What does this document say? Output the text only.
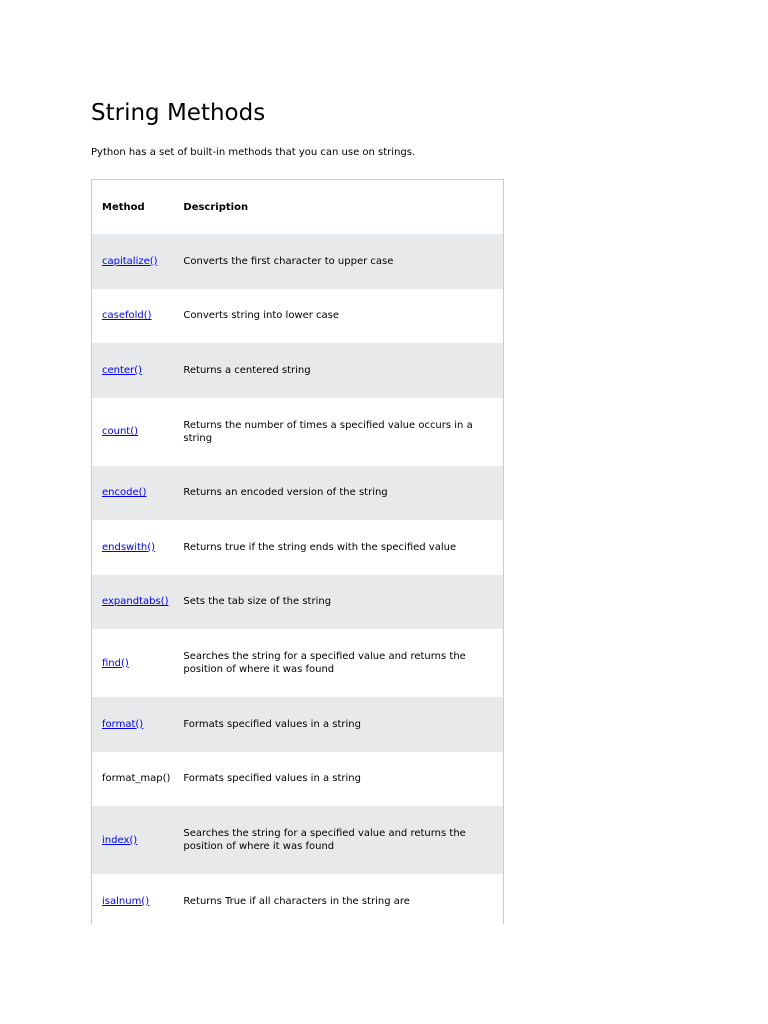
String Methods

Python has a set of built-in methods that you can use on strings.

Method	Description
capitalize()	Converts the first character to upper case
casefold()	Converts string into lower case
center()	Returns a centered string
count()	Returns the number of times a specified value occurs in a string
encode()	Returns an encoded version of the string
endswith()	Returns true if the string ends with the specified value
expandtabs()	Sets the tab size of the string
find()	Searches the string for a specified value and returns the position of where it was found
format()	Formats specified values in a string
format_map()	Formats specified values in a string
index()	Searches the string for a specified value and returns the position of where it was found
isalnum()	Returns True if all characters in the string are
